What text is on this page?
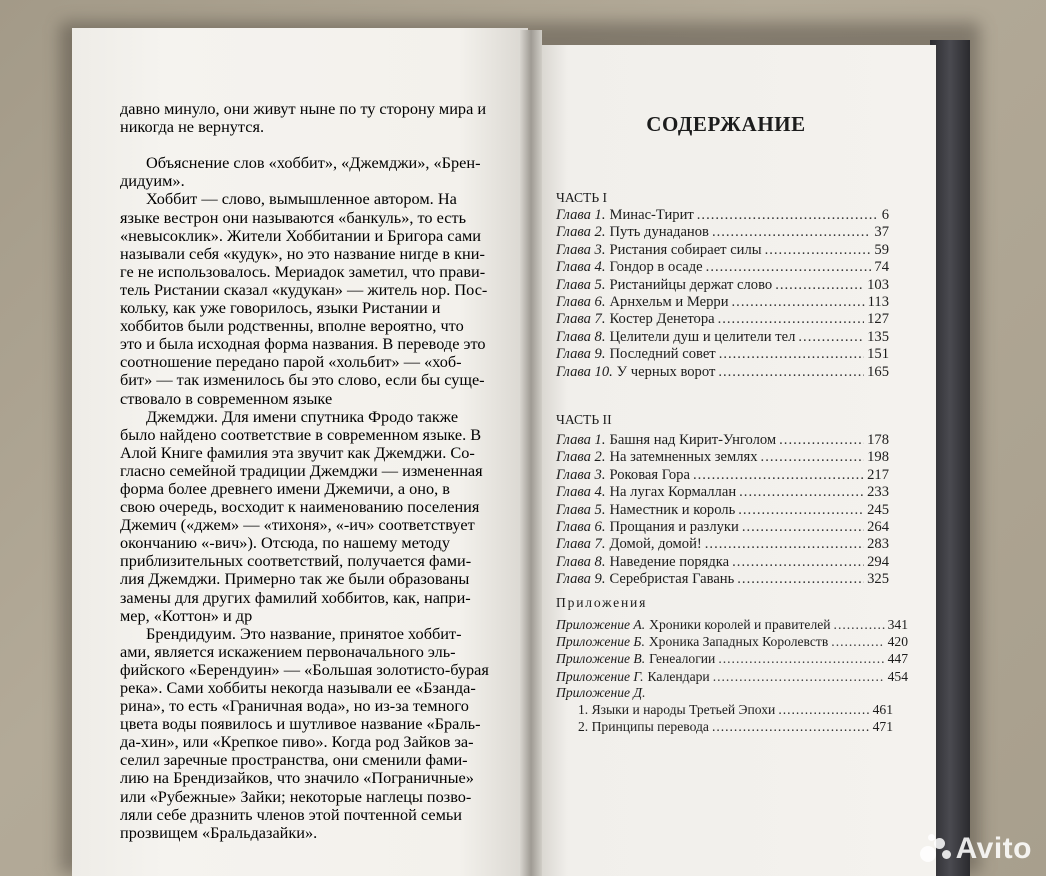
давно минуло, они живут ныне по ту сторону мира и
никогда не вернутся.
Объяснение слов «хоббит», «Джемджи», «Брен-
дидуим».
Хоббит — слово, вымышленное автором. На
языке вестрон они называются «банкуль», то есть
«невысоклик». Жители Хоббитании и Бригора сами
называли себя «кудук», но это название нигде в кни-
ге не использовалось. Мериадок заметил, что прави-
тель Ристании сказал «кудукан» — житель нор. Пос-
кольку, как уже говорилось, языки Ристании и
хоббитов были родственны, вполне вероятно, что
это и была исходная форма названия. В переводе это
соотношение передано парой «хольбит» — «хоб-
бит» — так изменилось бы это слово, если бы суще-
ствовало в современном языке
Джемджи. Для имени спутника Фродо также
было найдено соответствие в современном языке. В
Алой Книге фамилия эта звучит как Джемджи. Со-
гласно семейной традиции Джемджи — измененная
форма более древнего имени Джемичи, а оно, в
свою очередь, восходит к наименованию поселения
Джемич («джем» — «тихоня», «-ич» соответствует
окончанию «-вич»). Отсюда, по нашему методу
приблизительных соответствий, получается фами-
лия Джемджи. Примерно так же были образованы
замены для других фамилий хоббитов, как, напри-
мер, «Коттон» и др
Брендидуим. Это название, принятое хоббит-
ами, является искажением первоначального эль-
фийского «Берендуин» — «Большая золотисто-бурая
река». Сами хоббиты некогда называли ее «Бзанда-
рина», то есть «Граничная вода», но из-за темного
цвета воды появилось и шутливое название «Браль-
да-хин», или «Крепкое пиво». Когда род Зайков за-
селил заречные пространства, они сменили фами-
лию на Брендизайков, что значило «Пограничные»
или «Рубежные» Зайки; некоторые наглецы позво-
ляли себе дразнить членов этой почтенной семьи
прозвищем «Бральдазайки».
СОДЕРЖАНИЕ
ЧАСТЬ I
Глава 1. Минас-Тирит .....	6
Глава 2. Путь дунаданов .....	37
Глава 3. Ристания собирает силы .....	59
Глава 4. Гондор в осаде .....	74
Глава 5. Ристанийцы держат слово .....	103
Глава 6. Арнхельм и Мерри .....	113
Глава 7. Костер Денетора .....	127
Глава 8. Целители душ и целители тел .....	135
Глава 9. Последний совет .....	151
Глава 10. У черных ворот .....	165
ЧАСТЬ II
Глава 1. Башня над Кирит-Унголом .....	178
Глава 2. На затемненных землях .....	198
Глава 3. Роковая Гора .....	217
Глава 4. На лугах Кормаллан .....	233
Глава 5. Наместник и король .....	245
Глава 6. Прощания и разлуки .....	264
Глава 7. Домой, домой! .....	283
Глава 8. Наведение порядка .....	294
Глава 9. Серебристая Гавань .....	325
Приложения
Приложение А. Хроники королей и правителей .....	341
Приложение Б. Хроника Западных Королевств .....	420
Приложение В. Генеалогии .....	447
Приложение Г. Календари .....	454
Приложение Д.
1. Языки и народы Третьей Эпохи .....	461
2. Принципы перевода .....	471
Avito
